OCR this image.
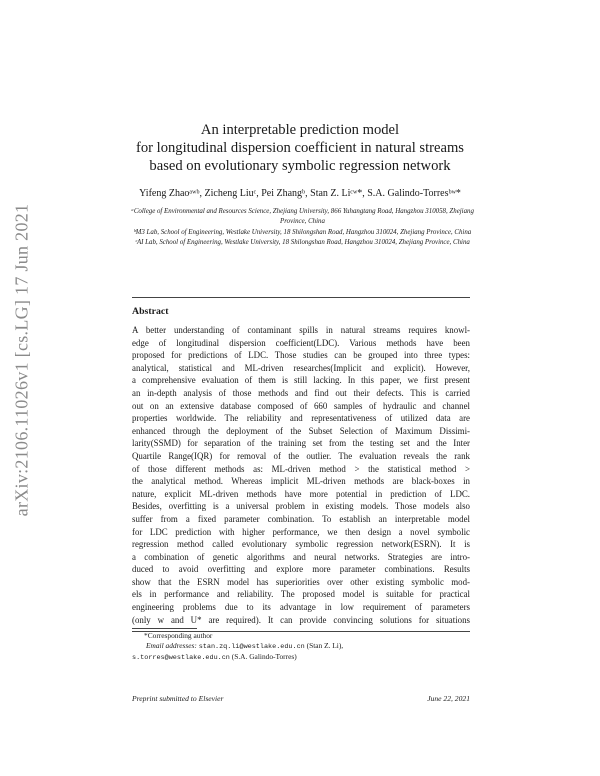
arXiv:2106.11026v1 [cs.LG] 17 Jun 2021
An interpretable prediction model
for longitudinal dispersion coefficient in natural streams
based on evolutionary symbolic regression network
Yifeng Zhaoᵃʷᵇ, Zicheng Liuᶜ, Pei Zhangᵇ, Stan Z. Liᶜʷ*, S.A. Galindo-Torresᵇʷ*

ᵃCollege of Environmental and Resources Science, Zhejiang University, 866 Yuhangtang Road, Hangzhou 310058, Zhejiang Province, China

ᵇM3 Lab, School of Engineering, Westlake University, 18 Shilongshan Road, Hangzhou 310024, Zhejiang Province, China

ᶜAI Lab, School of Engineering, Westlake University, 18 Shilongshan Road, Hangzhou 310024, Zhejiang Province, China

Abstract
A better understanding of contaminant spills in natural streams requires knowl-
edge of longitudinal dispersion coefficient(LDC). Various methods have been
proposed for predictions of LDC. Those studies can be grouped into three types:
analytical, statistical and ML-driven researches(Implicit and explicit). However,
a comprehensive evaluation of them is still lacking. In this paper, we first present
an in-depth analysis of those methods and find out their defects. This is carried
out on an extensive database composed of 660 samples of hydraulic and channel
properties worldwide. The reliability and representativeness of utilized data are
enhanced through the deployment of the Subset Selection of Maximum Dissimi-
larity(SSMD) for separation of the training set from the testing set and the Inter
Quartile Range(IQR) for removal of the outlier. The evaluation reveals the rank
of those different methods as: ML-driven method > the statistical method >
the analytical method. Whereas implicit ML-driven methods are black-boxes in
nature, explicit ML-driven methods have more potential in prediction of LDC.
Besides, overfitting is a universal problem in existing models. Those models also
suffer from a fixed parameter combination. To establish an interpretable model
for LDC prediction with higher performance, we then design a novel symbolic
regression method called evolutionary symbolic regression network(ESRN). It is
a combination of genetic algorithms and neural networks. Strategies are intro-
duced to avoid overfitting and explore more parameter combinations. Results
show that the ESRN model has superiorities over other existing symbolic mod-
els in performance and reliability. The proposed model is suitable for practical
engineering problems due to its advantage in low requirement of parameters
(only w and U* are required). It can provide convincing solutions for situations
*Corresponding author
Email addresses: stan.zq.li@westlake.edu.cn (Stan Z. Li),
s.torres@westlake.edu.cn (S.A. Galindo-Torres)
Preprint submitted to Elsevier	June 22, 2021
